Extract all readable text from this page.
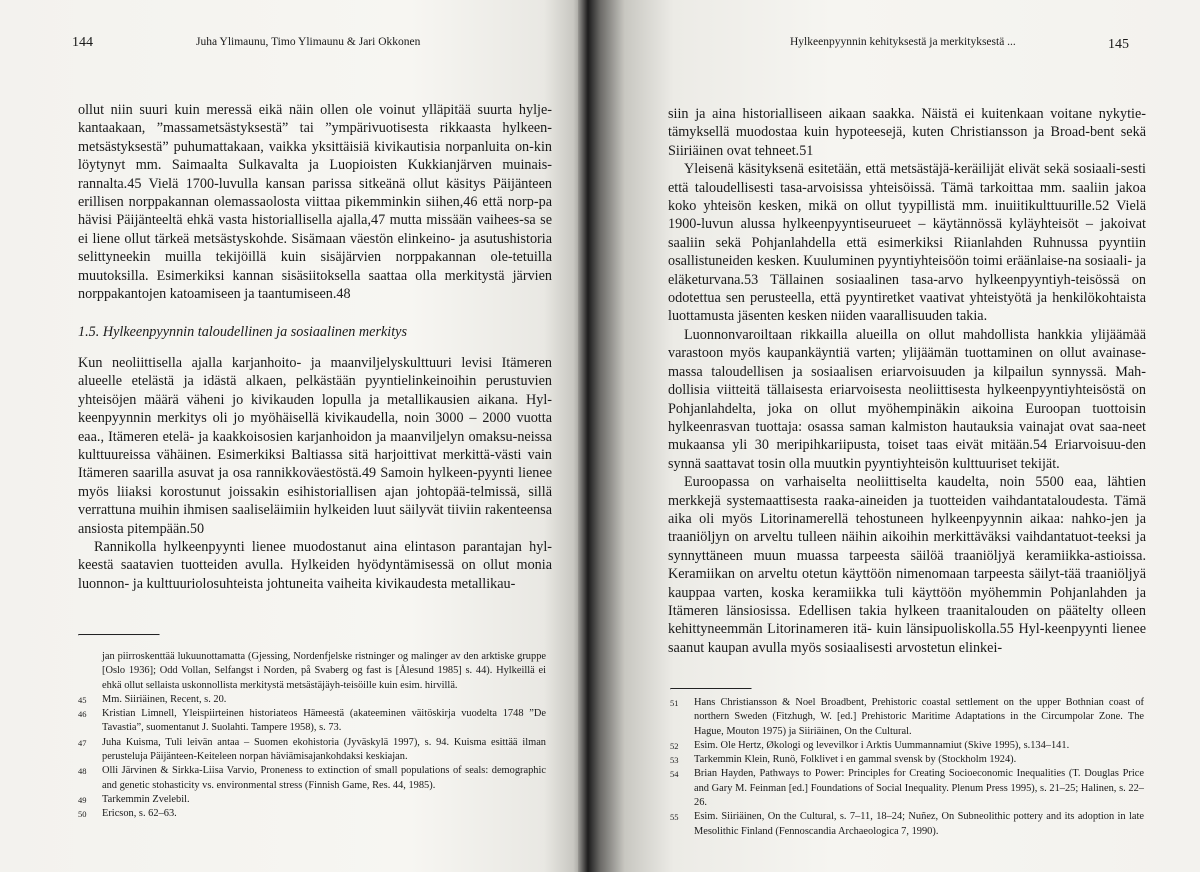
144	Juha Ylimaunu, Timo Ylimaunu & Jari Okkonen

ollut niin suuri kuin meressä eikä näin ollen ole voinut ylläpitää suurta hylje-kantaakaan, ”massametsästyksestä” tai ”ympärivuotisesta rikkaasta hylkeen-metsästyksestä” puhumattakaan, vaikka yksittäisiä kivikautisia norpanluita on-kin löytynyt mm. Saimaalta Sulkavalta ja Luopioisten Kukkianjärven muinais-rannalta.45 Vielä 1700-luvulla kansan parissa sitkeänä ollut käsitys Päijänteen erillisen norppakannan olemassaolosta viittaa pikemminkin siihen,46 että norp-pa hävisi Päijänteeltä ehkä vasta historiallisella ajalla,47 mutta missään vaihees-sa se ei liene ollut tärkeä metsästyskohde. Sisämaan väestön elinkeino- ja asutushistoria selittyneekin muilla tekijöillä kuin sisäjärvien norppakannan ole-tetuilla muutoksilla. Esimerkiksi kannan sisäsiitoksella saattaa olla merkitystä järvien norppakantojen katoamiseen ja taantumiseen.48

1.5. Hylkeenpyynnin taloudellinen ja sosiaalinen merkitys

Kun neoliittisella ajalla karjanhoito- ja maanviljelyskulttuuri levisi Itämeren alueelle etelästä ja idästä alkaen, pelkästään pyyntielinkeinoihin perustuvien yhteisöjen määrä väheni jo kivikauden lopulla ja metallikausien aikana. Hyl-keenpyynnin merkitys oli jo myöhäisellä kivikaudella, noin 3000 – 2000 vuotta eaa., Itämeren etelä- ja kaakkoisosien karjanhoidon ja maanviljelyn omaksu-neissa kulttuureissa vähäinen. Esimerkiksi Baltiassa sitä harjoittivat merkittä-västi vain Itämeren saarilla asuvat ja osa rannikkoväestöstä.49 Samoin hylkeen-pyynti lienee myös liiaksi korostunut joissakin esihistoriallisen ajan johtopää-telmissä, sillä verrattuna muihin ihmisen saaliseläimiin hylkeiden luut säilyvät tiiviin rakenteensa ansiosta pitempään.50

Rannikolla hylkeenpyynti lienee muodostanut aina elintason parantajan hyl-keestä saatavien tuotteiden avulla. Hylkeiden hyödyntämisessä on ollut monia luonnon- ja kulttuuriolosuhteista johtuneita vaiheita kivikaudesta metallikau-

jan piirroskenttää lukuunottamatta (Gjessing, Nordenfjelske ristninger og malinger av den arktiske gruppe [Oslo 1936]; Odd Vollan, Selfangst i Norden, på Svaberg og fast is [Ålesund 1985] s. 44). Hylkeillä ei ehkä ollut sellaista uskonnollista merkitystä metsästäjäyh-teisöille kuin esim. hirvillä.

45	Mm. Siiriäinen, Recent, s. 20.
46	Kristian Limnell, Yleispiirteinen historiateos Hämeestä (akateeminen väitöskirja vuodelta 1748 ”De Tavastia”, suomentanut J. Suolahti. Tampere 1958), s. 73.
47	Juha Kuisma, Tuli leivän antaa – Suomen ekohistoria (Jyväskylä 1997), s. 94. Kuisma esittää ilman perusteluja Päijänteen-Keiteleen norpan häviämisajankohdaksi keskiajan.
48	Olli Järvinen & Sirkka-Liisa Varvio, Proneness to extinction of small populations of seals: demographic and genetic stohasticity vs. environmental stress (Finnish Game, Res. 44, 1985).
49	Tarkemmin Zvelebil.
50	Ericson, s. 62–63.
Hylkeenpyynnin kehityksestä ja merkityksestä ...	145

siin ja aina historialliseen aikaan saakka. Näistä ei kuitenkaan voitane nykytie-tämyksellä muodostaa kuin hypoteesejä, kuten Christiansson ja Broad-bent sekä Siiriäinen ovat tehneet.51

Yleisenä käsityksenä esitetään, että metsästäjä-keräilijät elivät sekä sosiaali-sesti että taloudellisesti tasa-arvoisissa yhteisöissä. Tämä tarkoittaa mm. saaliin jakoa koko yhteisön kesken, mikä on ollut tyypillistä mm. inuiitikulttuurille.52 Vielä 1900-luvun alussa hylkeenpyyntiseurueet – käytännössä kyläyhteisöt – jakoivat saaliin sekä Pohjanlahdella että esimerkiksi Riianlahden Ruhnussa pyyntiin osallistuneiden kesken. Kuuluminen pyyntiyhteisöön toimi eräänlaise-na sosiaali- ja eläketurvana.53 Tällainen sosiaalinen tasa-arvo hylkeenpyyntiyh-teisössä on odotettua sen perusteella, että pyyntiretket vaativat yhteistyötä ja henkilökohtaista luottamusta jäsenten kesken niiden vaarallisuuden takia.

Luonnonvaroiltaan rikkailla alueilla on ollut mahdollista hankkia ylijäämää varastoon myös kaupankäyntiä varten; ylijäämän tuottaminen on ollut avainase-massa taloudellisen ja sosiaalisen eriarvoisuuden ja kilpailun synnyssä. Mah-dollisia viitteitä tällaisesta eriarvoisesta neoliittisesta hylkeenpyyntiyhteisöstä on Pohjanlahdelta, joka on ollut myöhempinäkin aikoina Euroopan tuottoisin hylkeenrasvan tuottaja: osassa saman kalmiston hautauksia vainajat ovat saa-neet mukaansa yli 30 meripihkariipusta, toiset taas eivät mitään.54 Eriarvoisuu-den synnä saattavat tosin olla muutkin pyyntiyhteisön kulttuuriset tekijät.

Euroopassa on varhaiselta neoliittiselta kaudelta, noin 5500 eaa, lähtien merkkejä systemaattisesta raaka-aineiden ja tuotteiden vaihdantataloudesta. Tämä aika oli myös Litorinamerellä tehostuneen hylkeenpyynnin aikaa: nahko-jen ja traaniöljyn on arveltu tulleen näihin aikoihin merkittäväksi vaihdantatuot-teeksi ja synnyttäneen muun muassa tarpeesta säilöä traaniöljyä keramiikka-astioissa. Keramiikan on arveltu otetun käyttöön nimenomaan tarpeesta säilyt-tää traaniöljyä kauppaa varten, koska keramiikka tuli käyttöön myöhemmin Pohjanlahden ja Itämeren länsiosissa. Edellisen takia hylkeen traanitalouden on päätelty olleen kehittyneemmän Litorinameren itä- kuin länsipuoliskolla.55 Hyl-keenpyynti lienee saanut kaupan avulla myös sosiaalisesti arvostetun elinkei-

51	Hans Christiansson & Noel Broadbent, Prehistoric coastal settlement on the upper Bothnian coast of northern Sweden (Fitzhugh, W. [ed.] Prehistoric Maritime Adaptations in the Circumpolar Zone. The Hague, Mouton 1975) ja Siiriäinen, On the Cultural.
52	Esim. Ole Hertz, Økologi og levevilkor i Arktis Uummannamiut (Skive 1995), s.134–141.
53	Tarkemmin Klein, Runö, Folklivet i en gammal svensk by (Stockholm 1924).
54	Brian Hayden, Pathways to Power: Principles for Creating Socioeconomic Inequalities (T. Douglas Price and Gary M. Feinman [ed.] Foundations of Social Inequality. Plenum Press 1995), s. 21–25; Halinen, s. 22–26.
55	Esim. Siiriäinen, On the Cultural, s. 7–11, 18–24; Nuñez, On Subneolithic pottery and its adoption in late Mesolithic Finland (Fennoscandia Archaeologica 7, 1990).
